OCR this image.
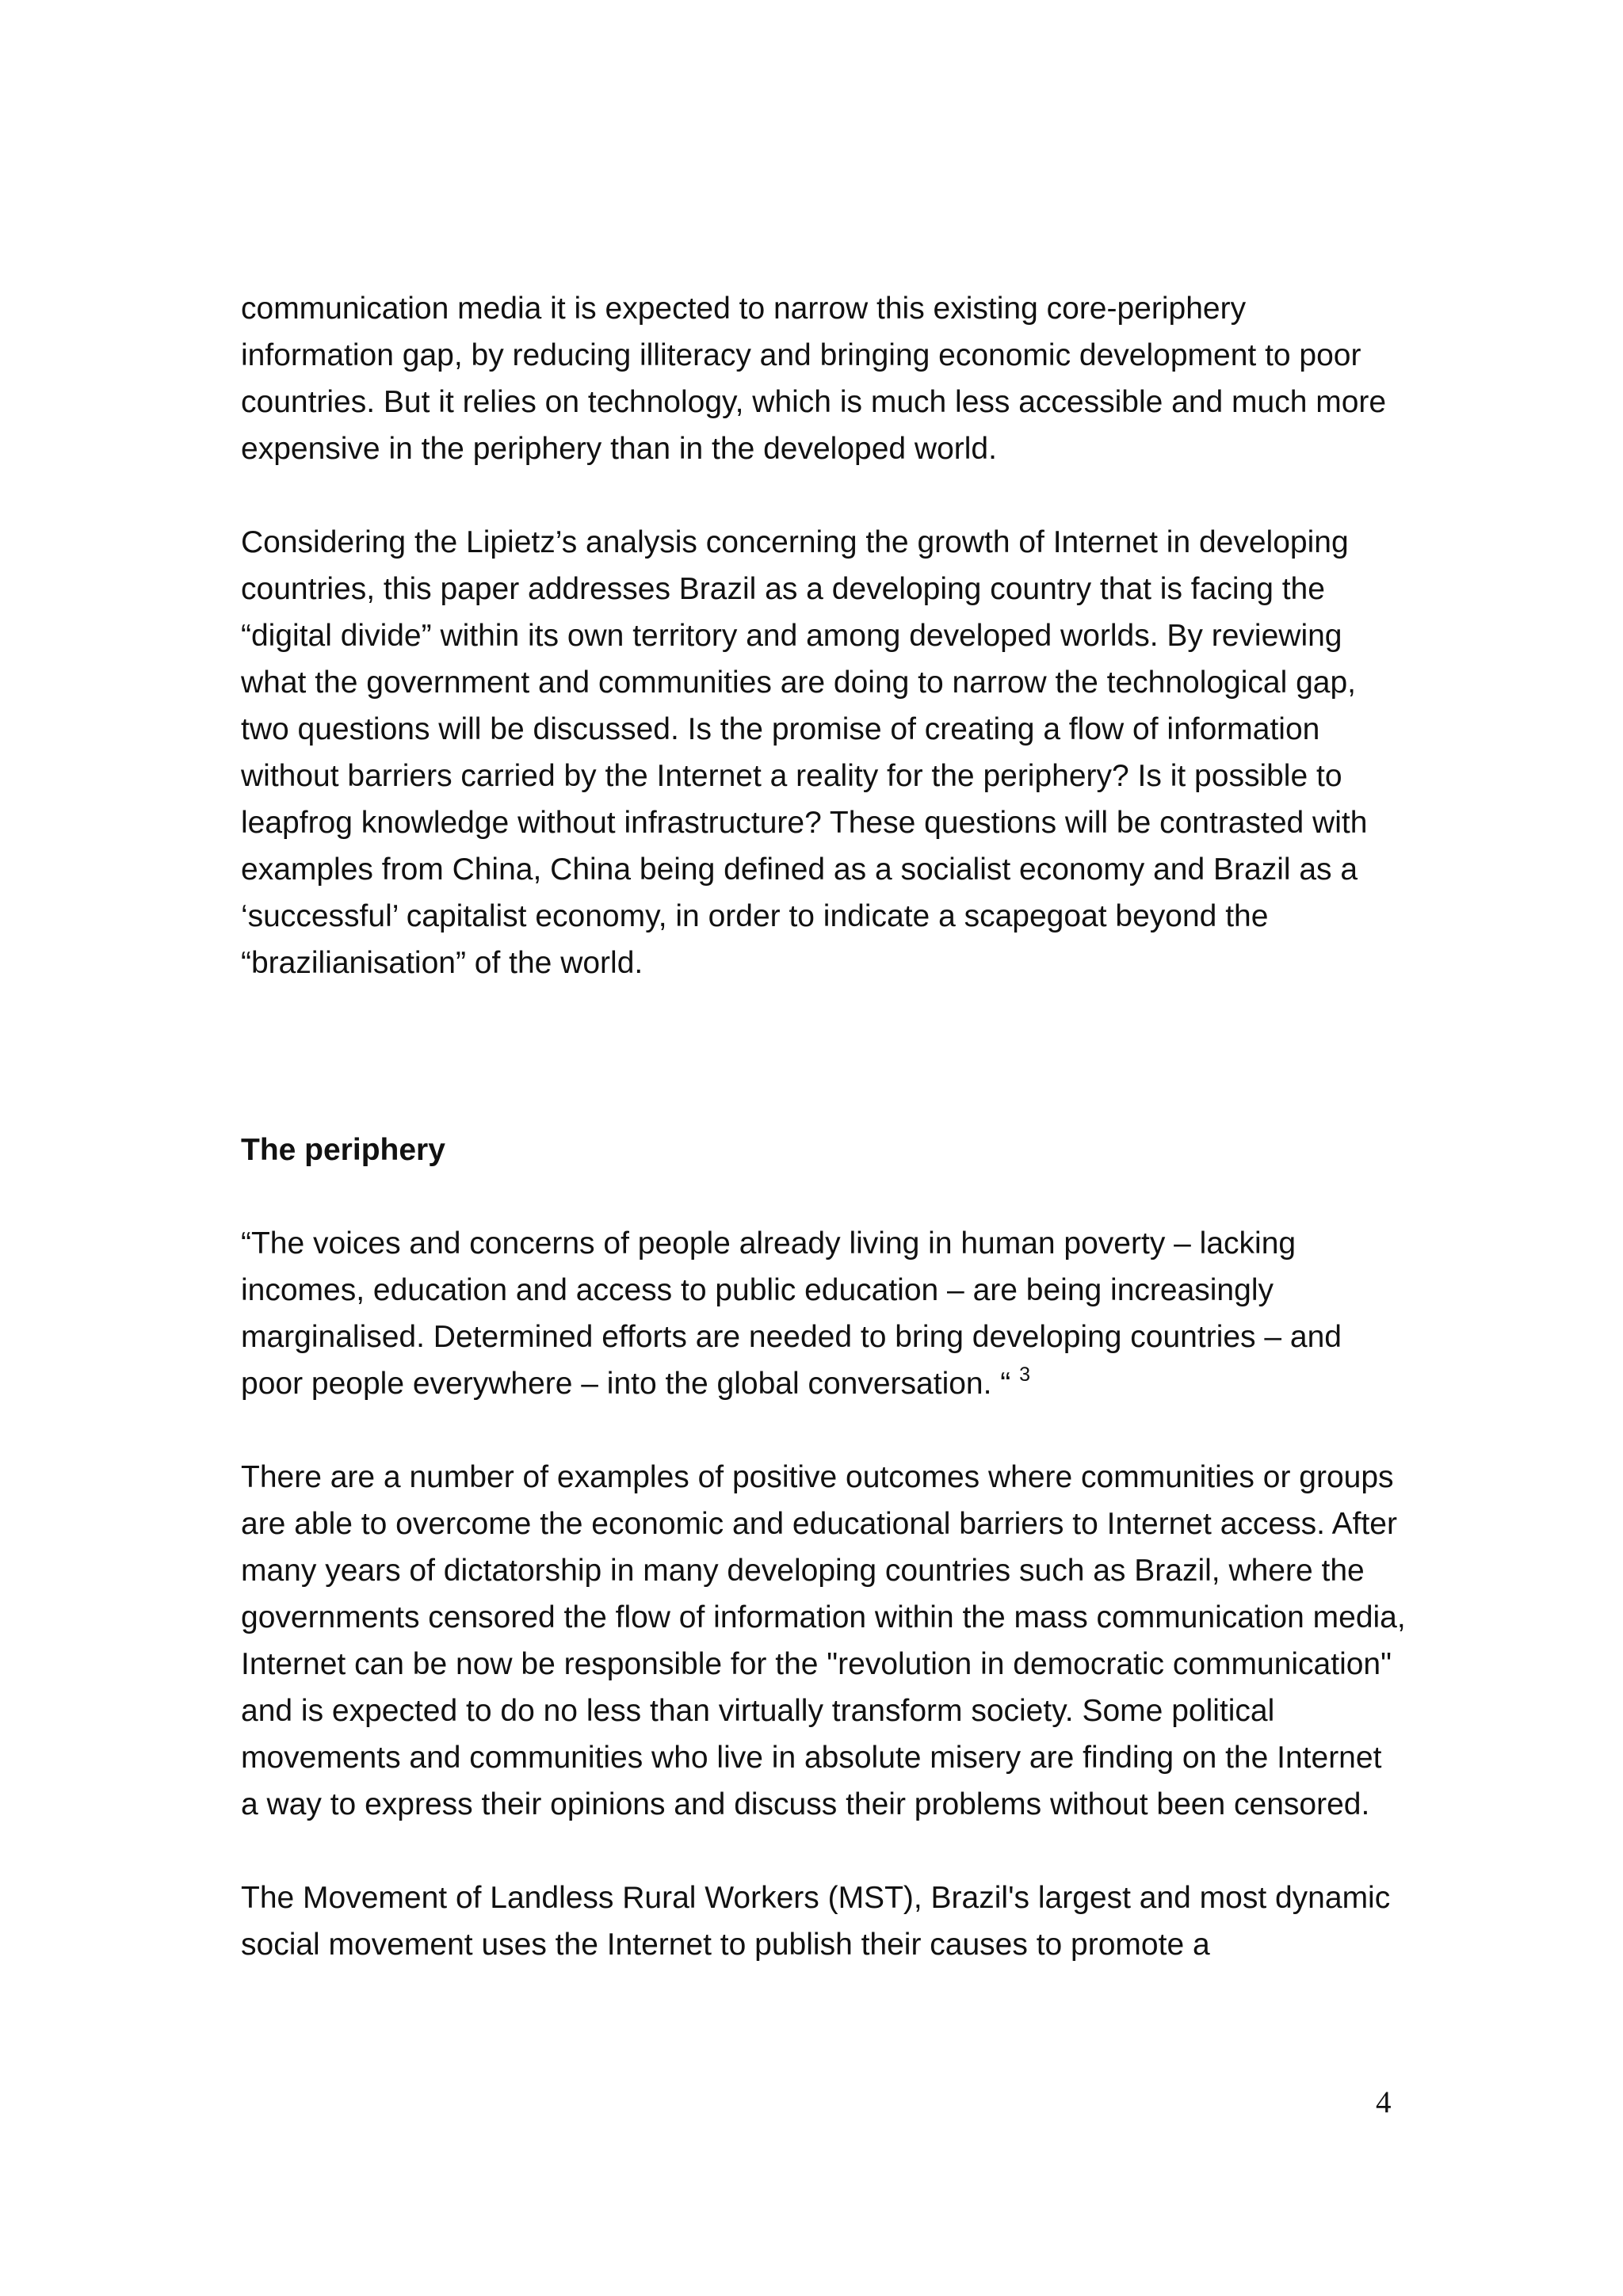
communication media it is expected to narrow this existing core-periphery information gap, by reducing illiteracy and bringing economic development to poor countries. But it relies on technology, which is much less accessible and much more expensive in the periphery than in the developed world.

Considering the Lipietz’s analysis concerning the growth of Internet in developing countries, this paper addresses Brazil as a developing country that is facing the “digital divide” within its own territory and among developed worlds. By reviewing what the government and communities are doing to narrow the technological gap, two questions will be discussed. Is the promise of creating a flow of information without barriers carried by the Internet a reality for the periphery? Is it possible to leapfrog knowledge without infrastructure? These questions will be contrasted with examples from China, China being defined as a socialist economy and Brazil as a ‘successful’ capitalist economy, in order to indicate a scapegoat beyond the “brazilianisation” of the world.

The periphery

“The voices and concerns of people already living in human poverty – lacking incomes, education and access to public education – are being increasingly marginalised. Determined efforts are needed to bring developing countries – and poor people everywhere – into the global conversation. “ $^3$

There are a number of examples of positive outcomes where communities or groups are able to overcome the economic and educational barriers to Internet access. After many years of dictatorship in many developing countries such as Brazil, where the governments censored the flow of information within the mass communication media, Internet can be now be responsible for the "revolution in democratic communication" and is expected to do no less than virtually transform society. Some political movements and communities who live in absolute misery are finding on the Internet a way to express their opinions and discuss their problems without been censored.

The Movement of Landless Rural Workers (MST), Brazil's largest and most dynamic social movement uses the Internet to publish their causes to promote a

4
